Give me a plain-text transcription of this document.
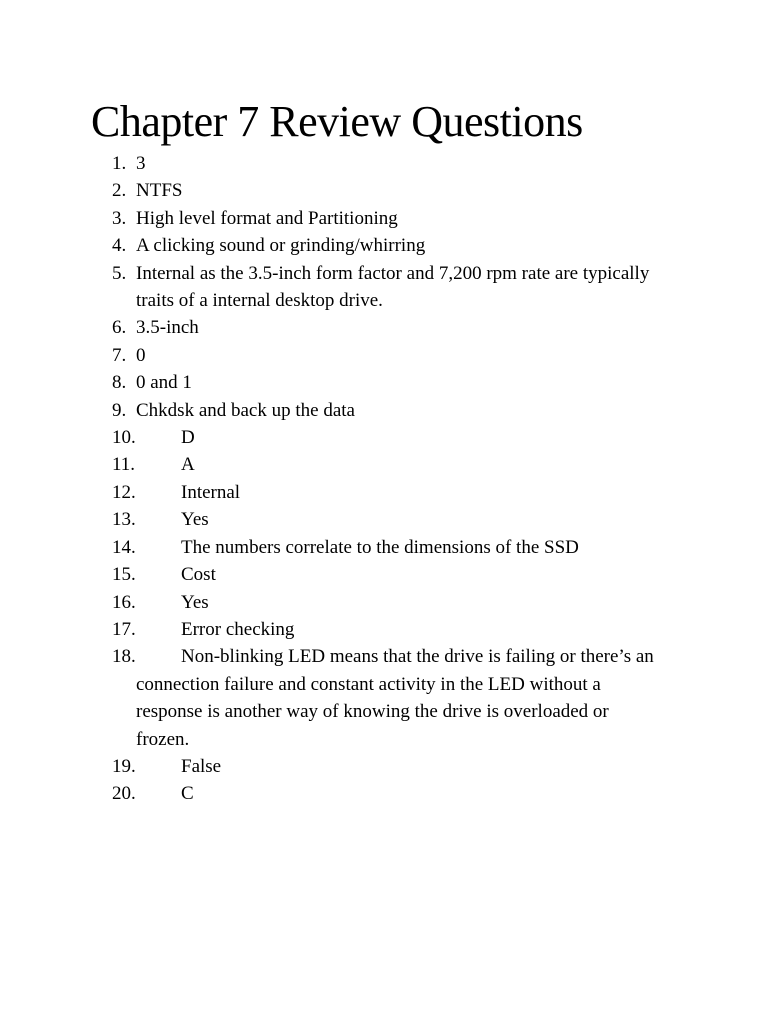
Chapter 7 Review Questions
1. 3
2. NTFS
3. High level format and Partitioning
4. A clicking sound or grinding/whirring
5. Internal as the 3.5-inch form factor and 7,200 rpm rate are typically traits of a internal desktop drive.
6. 3.5-inch
7. 0
8. 0 and 1
9. Chkdsk and back up the data
10.	D
11.	A
12.	Internal
13.	Yes
14.	The numbers correlate to the dimensions of the SSD
15.	Cost
16.	Yes
17.	Error checking
18.	Non-blinking LED means that the drive is failing or there’s an connection failure and constant activity in the LED without a response is another way of knowing the drive is overloaded or frozen.
19.	False
20.	C
